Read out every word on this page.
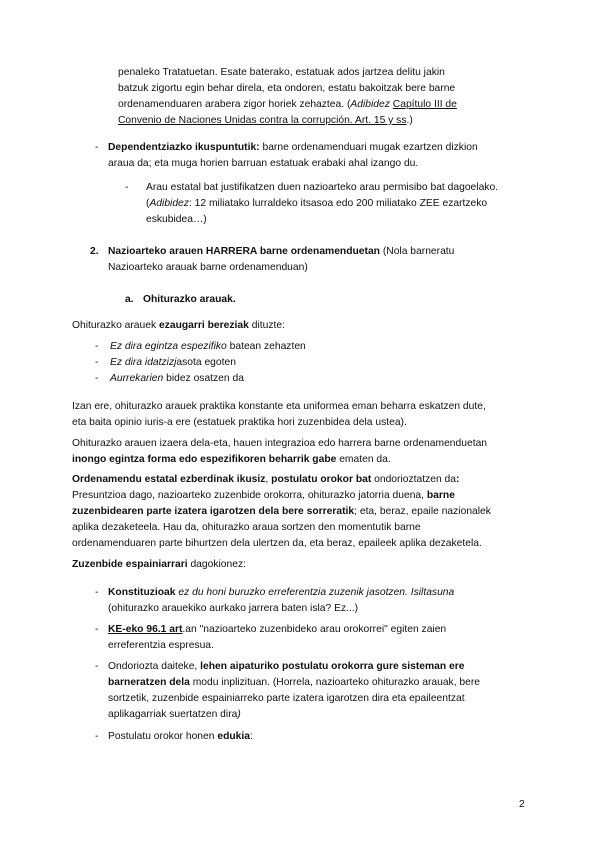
penaleko Tratatuetan. Esate baterako, estatuak ados jartzea delitu jakin
batzuk zigortu egin behar direla, eta ondoren, estatu bakoitzak bere barne
ordenamenduaren arabera zigor horiek zehaztea. (Adibidez Capítulo III de
Convenio de Naciones Unidas contra la corrupción. Art. 15 y ss.)
- Dependentziazko ikuspuntutik: barne ordenamenduari mugak ezartzen dizkion
araua da; eta muga horien barruan estatuak erabaki ahal izango du.
- Arau estatal bat justifikatzen duen nazioarteko arau permisibo bat dagoelako.
(Adibidez: 12 miliatako lurraldeko itsasoa edo 200 miliatako ZEE ezartzeko
eskubidea…)
2. Nazioarteko arauen HARRERA barne ordenamenduetan (Nola barneratu
Nazioarteko arauak barne ordenamenduan)
a. Ohiturazko arauak.
Ohiturazko arauek ezaugarri bereziak dituzte:
- Ez dira egintza espezifiko batean zehazten
- Ez dira idatzizjasota egoten
- Aurrekarien bidez osatzen da
Izan ere, ohiturazko arauek praktika konstante eta uniformea eman beharra eskatzen dute,
eta baita opinio iuris-a ere (estatuek praktika hori zuzenbidea dela ustea).
Ohiturazko arauen izaera dela-eta, hauen integrazioa edo harrera barne ordenamenduetan
inongo egintza forma edo espezifikoren beharrik gabe ematen da.
Ordenamendu estatal ezberdinak ikusiz, postulatu orokor bat ondorioztatzen da:
Presuntzioa dago, nazioarteko zuzenbide orokorra, ohiturazko jatorria duena, barne
zuzenbidearen parte izatera igarotzen dela bere sorreratik; eta, beraz, epaile nazionalek
aplika dezaketeela. Hau da, ohiturazko araua sortzen den momentutik barne
ordenamenduaren parte bihurtzen dela ulertzen da, eta beraz, epaileek aplika dezaketela.
Zuzenbide espainiarrari dagokionez:
- Konstituzioak ez du honi buruzko erreferentzia zuzenik jasotzen. Isiltasuna
(ohiturazko arauekiko aurkako jarrera baten isla? Ez...)
- KE-eko 96.1 art.an "nazioarteko zuzenbideko arau orokorrei" egiten zaien
erreferentzia espresua.
- Ondoriozta daiteke, lehen aipaturiko postulatu orokorra gure sisteman ere
barneratzen dela modu inplizituan. (Horrela, nazioarteko ohiturazko arauak, bere
sortzetik, zuzenbide espainiarreko parte izatera igarotzen dira eta epaileentzat
aplikagarriak suertatzen dira)
- Postulatu orokor honen edukia:
2
